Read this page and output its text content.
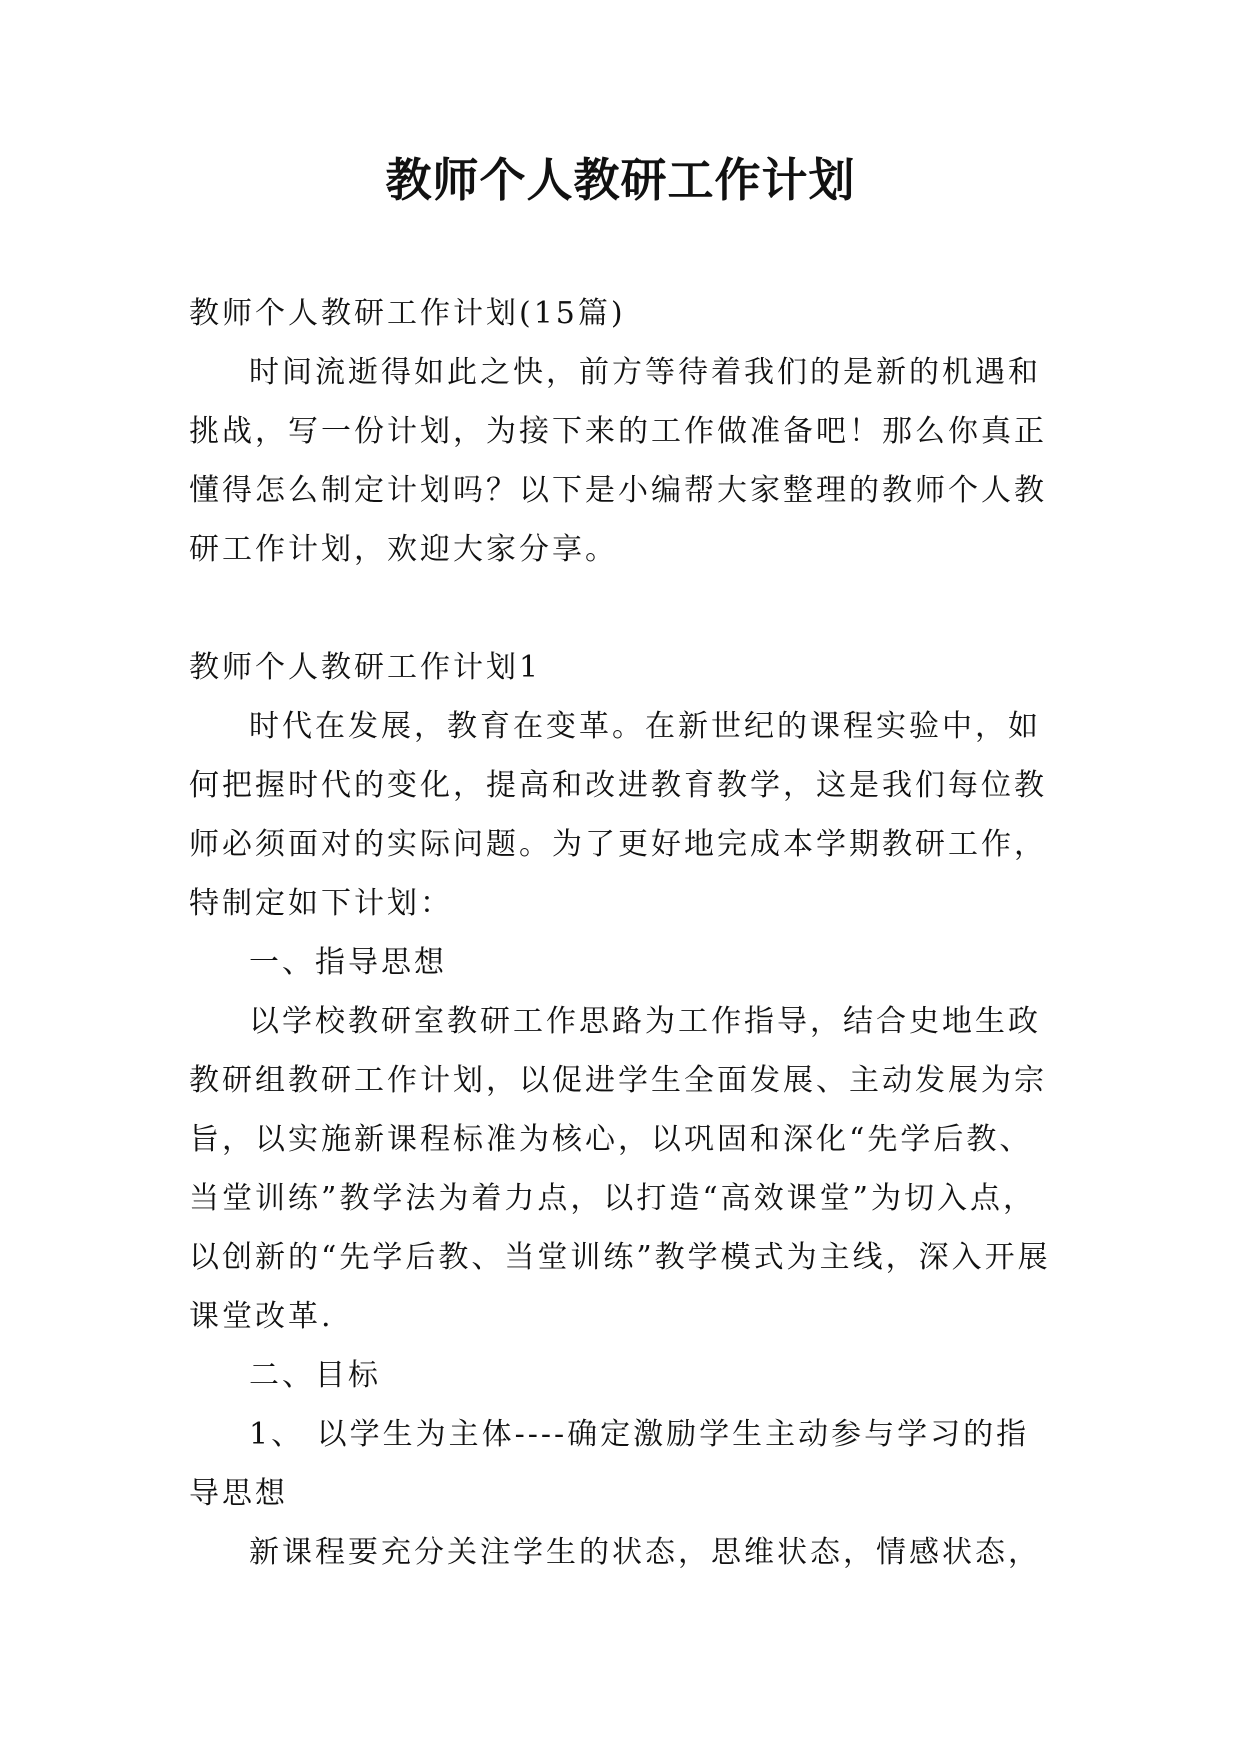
教师个人教研工作计划

教师个人教研工作计划(15篇)

时间流逝得如此之快，前方等待着我们的是新的机遇和挑战，写一份计划，为接下来的工作做准备吧！那么你真正懂得怎么制定计划吗？以下是小编帮大家整理的教师个人教研工作计划，欢迎大家分享。

教师个人教研工作计划1

时代在发展，教育在变革。在新世纪的课程实验中，如何把握时代的变化，提高和改进教育教学，这是我们每位教师必须面对的实际问题。为了更好地完成本学期教研工作，特制定如下计划：

一、指导思想

以学校教研室教研工作思路为工作指导，结合史地生政教研组教研工作计划，以促进学生全面发展、主动发展为宗旨，以实施新课程标准为核心，以巩固和深化“先学后教、当堂训练”教学法为着力点，以打造“高效课堂”为切入点，以创新的“先学后教、当堂训练”教学模式为主线，深入开展课堂改革.

二、目标

1、 以学生为主体----确定激励学生主动参与学习的指导思想

新课程要充分关注学生的状态，思维状态，情感状态，
